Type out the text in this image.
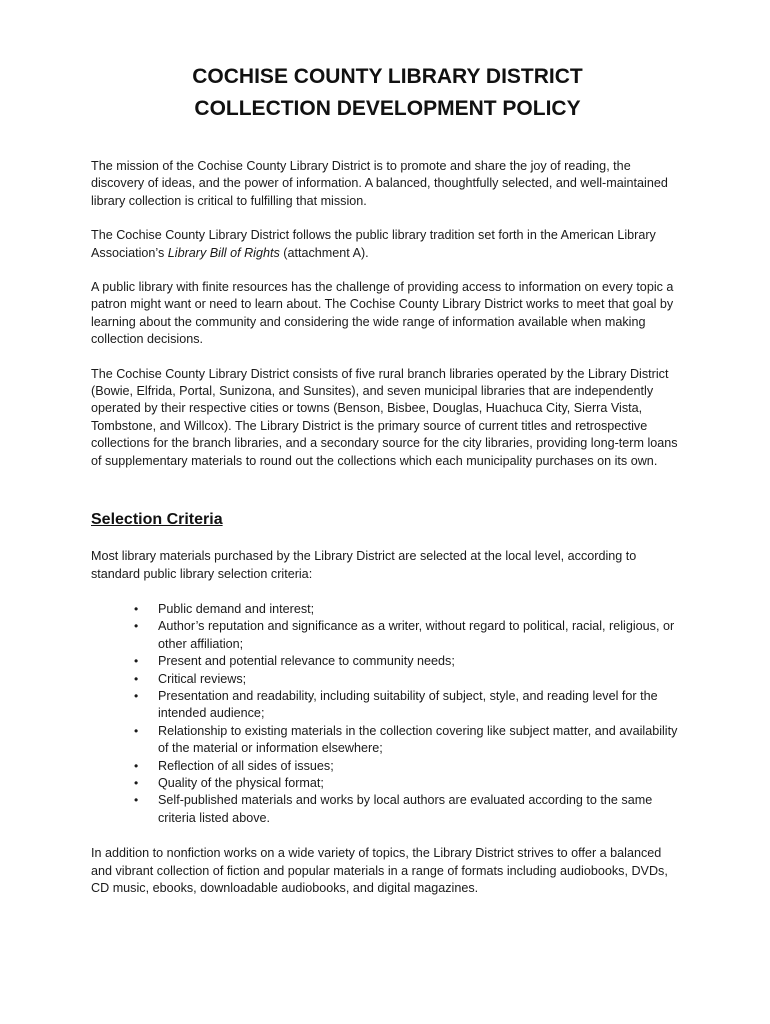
COCHISE COUNTY LIBRARY DISTRICT
COLLECTION DEVELOPMENT POLICY

The mission of the Cochise County Library District is to promote and share the joy of reading, the discovery of ideas, and the power of information. A balanced, thoughtfully selected, and well-maintained library collection is critical to fulfilling that mission.

The Cochise County Library District follows the public library tradition set forth in the American Library Association’s Library Bill of Rights (attachment A).

A public library with finite resources has the challenge of providing access to information on every topic a patron might want or need to learn about. The Cochise County Library District works to meet that goal by learning about the community and considering the wide range of information available when making collection decisions.

The Cochise County Library District consists of five rural branch libraries operated by the Library District (Bowie, Elfrida, Portal, Sunizona, and Sunsites), and seven municipal libraries that are independently operated by their respective cities or towns (Benson, Bisbee, Douglas, Huachuca City, Sierra Vista, Tombstone, and Willcox). The Library District is the primary source of current titles and retrospective collections for the branch libraries, and a secondary source for the city libraries, providing long-term loans of supplementary materials to round out the collections which each municipality purchases on its own.

Selection Criteria

Most library materials purchased by the Library District are selected at the local level, according to standard public library selection criteria:

• Public demand and interest;
• Author’s reputation and significance as a writer, without regard to political, racial, religious, or other affiliation;
• Present and potential relevance to community needs;
• Critical reviews;
• Presentation and readability, including suitability of subject, style, and reading level for the intended audience;
• Relationship to existing materials in the collection covering like subject matter, and availability of the material or information elsewhere;
• Reflection of all sides of issues;
• Quality of the physical format;
• Self-published materials and works by local authors are evaluated according to the same criteria listed above.

In addition to nonfiction works on a wide variety of topics, the Library District strives to offer a balanced and vibrant collection of fiction and popular materials in a range of formats including audiobooks, DVDs, CD music, ebooks, downloadable audiobooks, and digital magazines.
